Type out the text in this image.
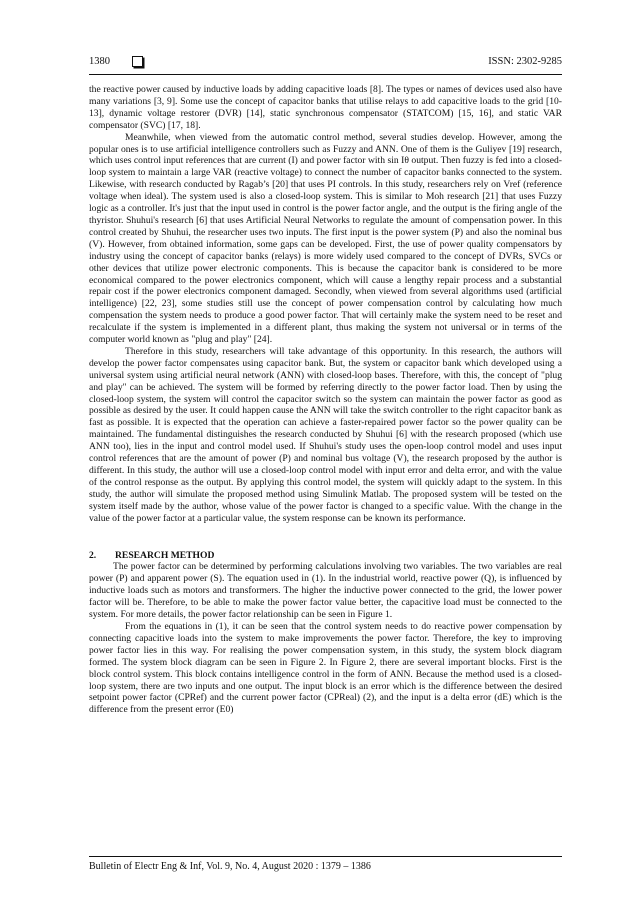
1380	ISSN: 2302-9285

the reactive power caused by inductive loads by adding capacitive loads [8]. The types or names of devices used also have many variations [3, 9]. Some use the concept of capacitor banks that utilise relays to add capacitive loads to the grid [10-13], dynamic voltage restorer (DVR) [14], static synchronous compensator (STATCOM) [15, 16], and static VAR compensator (SVC) [17, 18].

Meanwhile, when viewed from the automatic control method, several studies develop. However, among the popular ones is to use artificial intelligence controllers such as Fuzzy and ANN. One of them is the Guliyev [19] research, which uses control input references that are current (I) and power factor with sin Iθ output. Then fuzzy is fed into a closed-loop system to maintain a large VAR (reactive voltage) to connect the number of capacitor banks connected to the system. Likewise, with research conducted by Ragab’s [20] that uses PI controls. In this study, researchers rely on Vref (reference voltage when ideal). The system used is also a closed-loop system. This is similar to Moh research [21] that uses Fuzzy logic as a controller. It's just that the input used in control is the power factor angle, and the output is the firing angle of the thyristor. Shuhui's research [6] that uses Artificial Neural Networks to regulate the amount of compensation power. In this control created by Shuhui, the researcher uses two inputs. The first input is the power system (P) and also the nominal bus (V). However, from obtained information, some gaps can be developed. First, the use of power quality compensators by industry using the concept of capacitor banks (relays) is more widely used compared to the concept of DVRs, SVCs or other devices that utilize power electronic components. This is because the capacitor bank is considered to be more economical compared to the power electronics component, which will cause a lengthy repair process and a substantial repair cost if the power electronics component damaged. Secondly, when viewed from several algorithms used (artificial intelligence) [22, 23], some studies still use the concept of power compensation control by calculating how much compensation the system needs to produce a good power factor. That will certainly make the system need to be reset and recalculate if the system is implemented in a different plant, thus making the system not universal or in terms of the computer world known as "plug and play" [24].

Therefore in this study, researchers will take advantage of this opportunity. In this research, the authors will develop the power factor compensates using capacitor bank. But, the system or capacitor bank which developed using a universal system using artificial neural network (ANN) with closed-loop bases. Therefore, with this, the concept of "plug and play" can be achieved. The system will be formed by referring directly to the power factor load. Then by using the closed-loop system, the system will control the capacitor switch so the system can maintain the power factor as good as possible as desired by the user. It could happen cause the ANN will take the switch controller to the right capacitor bank as fast as possible. It is expected that the operation can achieve a faster-repaired power factor so the power quality can be maintained. The fundamental distinguishes the research conducted by Shuhui [6] with the research proposed (which use ANN too), lies in the input and control model used. If Shuhui's study uses the open-loop control model and uses input control references that are the amount of power (P) and nominal bus voltage (V), the research proposed by the author is different. In this study, the author will use a closed-loop control model with input error and delta error, and with the value of the control response as the output. By applying this control model, the system will quickly adapt to the system. In this study, the author will simulate the proposed method using Simulink Matlab. The proposed system will be tested on the system itself made by the author, whose value of the power factor is changed to a specific value. With the change in the value of the power factor at a particular value, the system response can be known its performance.

2.	RESEARCH METHOD

The power factor can be determined by performing calculations involving two variables. The two variables are real power (P) and apparent power (S). The equation used in (1). In the industrial world, reactive power (Q), is influenced by inductive loads such as motors and transformers. The higher the inductive power connected to the grid, the lower power factor will be. Therefore, to be able to make the power factor value better, the capacitive load must be connected to the system. For more details, the power factor relationship can be seen in Figure 1.

From the equations in (1), it can be seen that the control system needs to do reactive power compensation by connecting capacitive loads into the system to make improvements the power factor. Therefore, the key to improving power factor lies in this way. For realising the power compensation system, in this study, the system block diagram formed. The system block diagram can be seen in Figure 2. In Figure 2, there are several important blocks. First is the block control system. This block contains intelligence control in the form of ANN. Because the method used is a closed-loop system, there are two inputs and one output. The input block is an error which is the difference between the desired setpoint power factor (CPRef) and the current power factor (CPReal) (2), and the input is a delta error (dE) which is the difference from the present error (E0)

Bulletin of Electr Eng & Inf, Vol. 9, No. 4, August 2020 : 1379 – 1386
